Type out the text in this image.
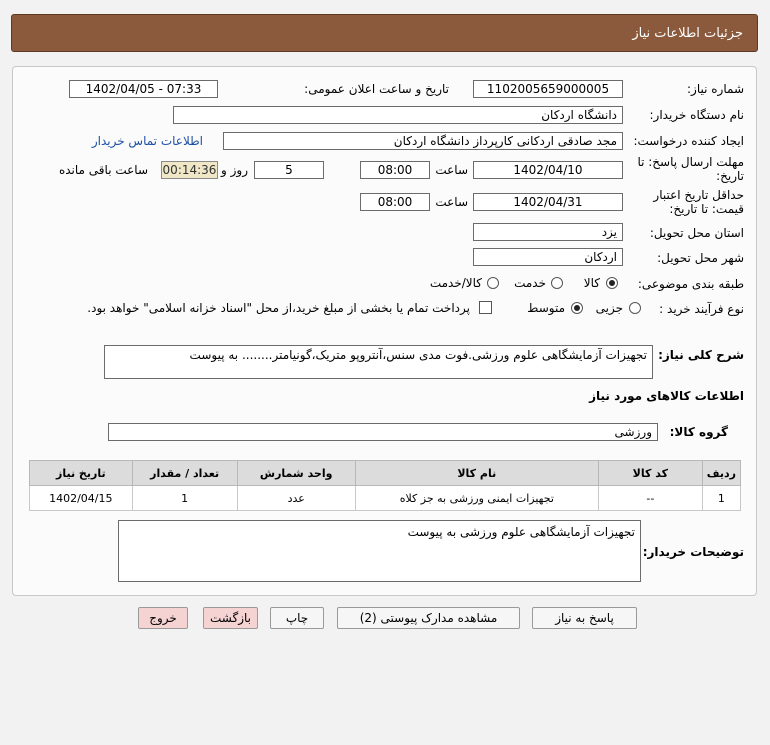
جزئیات اطلاعات نیاز
شماره نیاز:
1102005659000005
تاریخ و ساعت اعلان عمومی:
1402/04/05 - 07:33
نام دستگاه خریدار:
دانشگاه اردکان
ایجاد کننده درخواست:
مجد صادقی اردکانی کارپرداز دانشگاه اردکان
اطلاعات تماس خریدار
مهلت ارسال پاسخ: تا
تاریخ:
1402/04/10
ساعت
08:00
5
روز و
00:14:36
ساعت باقی مانده
حداقل تاریخ اعتبار
قیمت: تا تاریخ:
1402/04/31
ساعت
08:00
استان محل تحویل:
یزد
شهر محل تحویل:
اردکان
طبقه بندی موضوعی:
کالا
خدمت
کالا/خدمت
نوع فرآیند خرید :
جزیی
متوسط
پرداخت تمام یا بخشی از مبلغ خرید،از محل "اسناد خزانه اسلامی" خواهد بود.
شرح کلی نیاز:
تجهیزات آزمایشگاهی علوم ورزشی.فوت مدی سنس،آنتروپو متریک،گونیامتر........ به پیوست
اطلاعات کالاهای مورد نیاز
گروه کالا:
ورزشی
ردیف	کد کالا	نام کالا	واحد شمارش	تعداد / مقدار	تاریخ نیاز
1	--	تجهیزات ایمنی ورزشی به جز کلاه	عدد	1	1402/04/15
توضیحات خریدار:
تجهیزات آزمایشگاهی علوم ورزشی به پیوست
پاسخ به نیاز
مشاهده مدارک پیوستی (2)
چاپ
بازگشت
خروج
